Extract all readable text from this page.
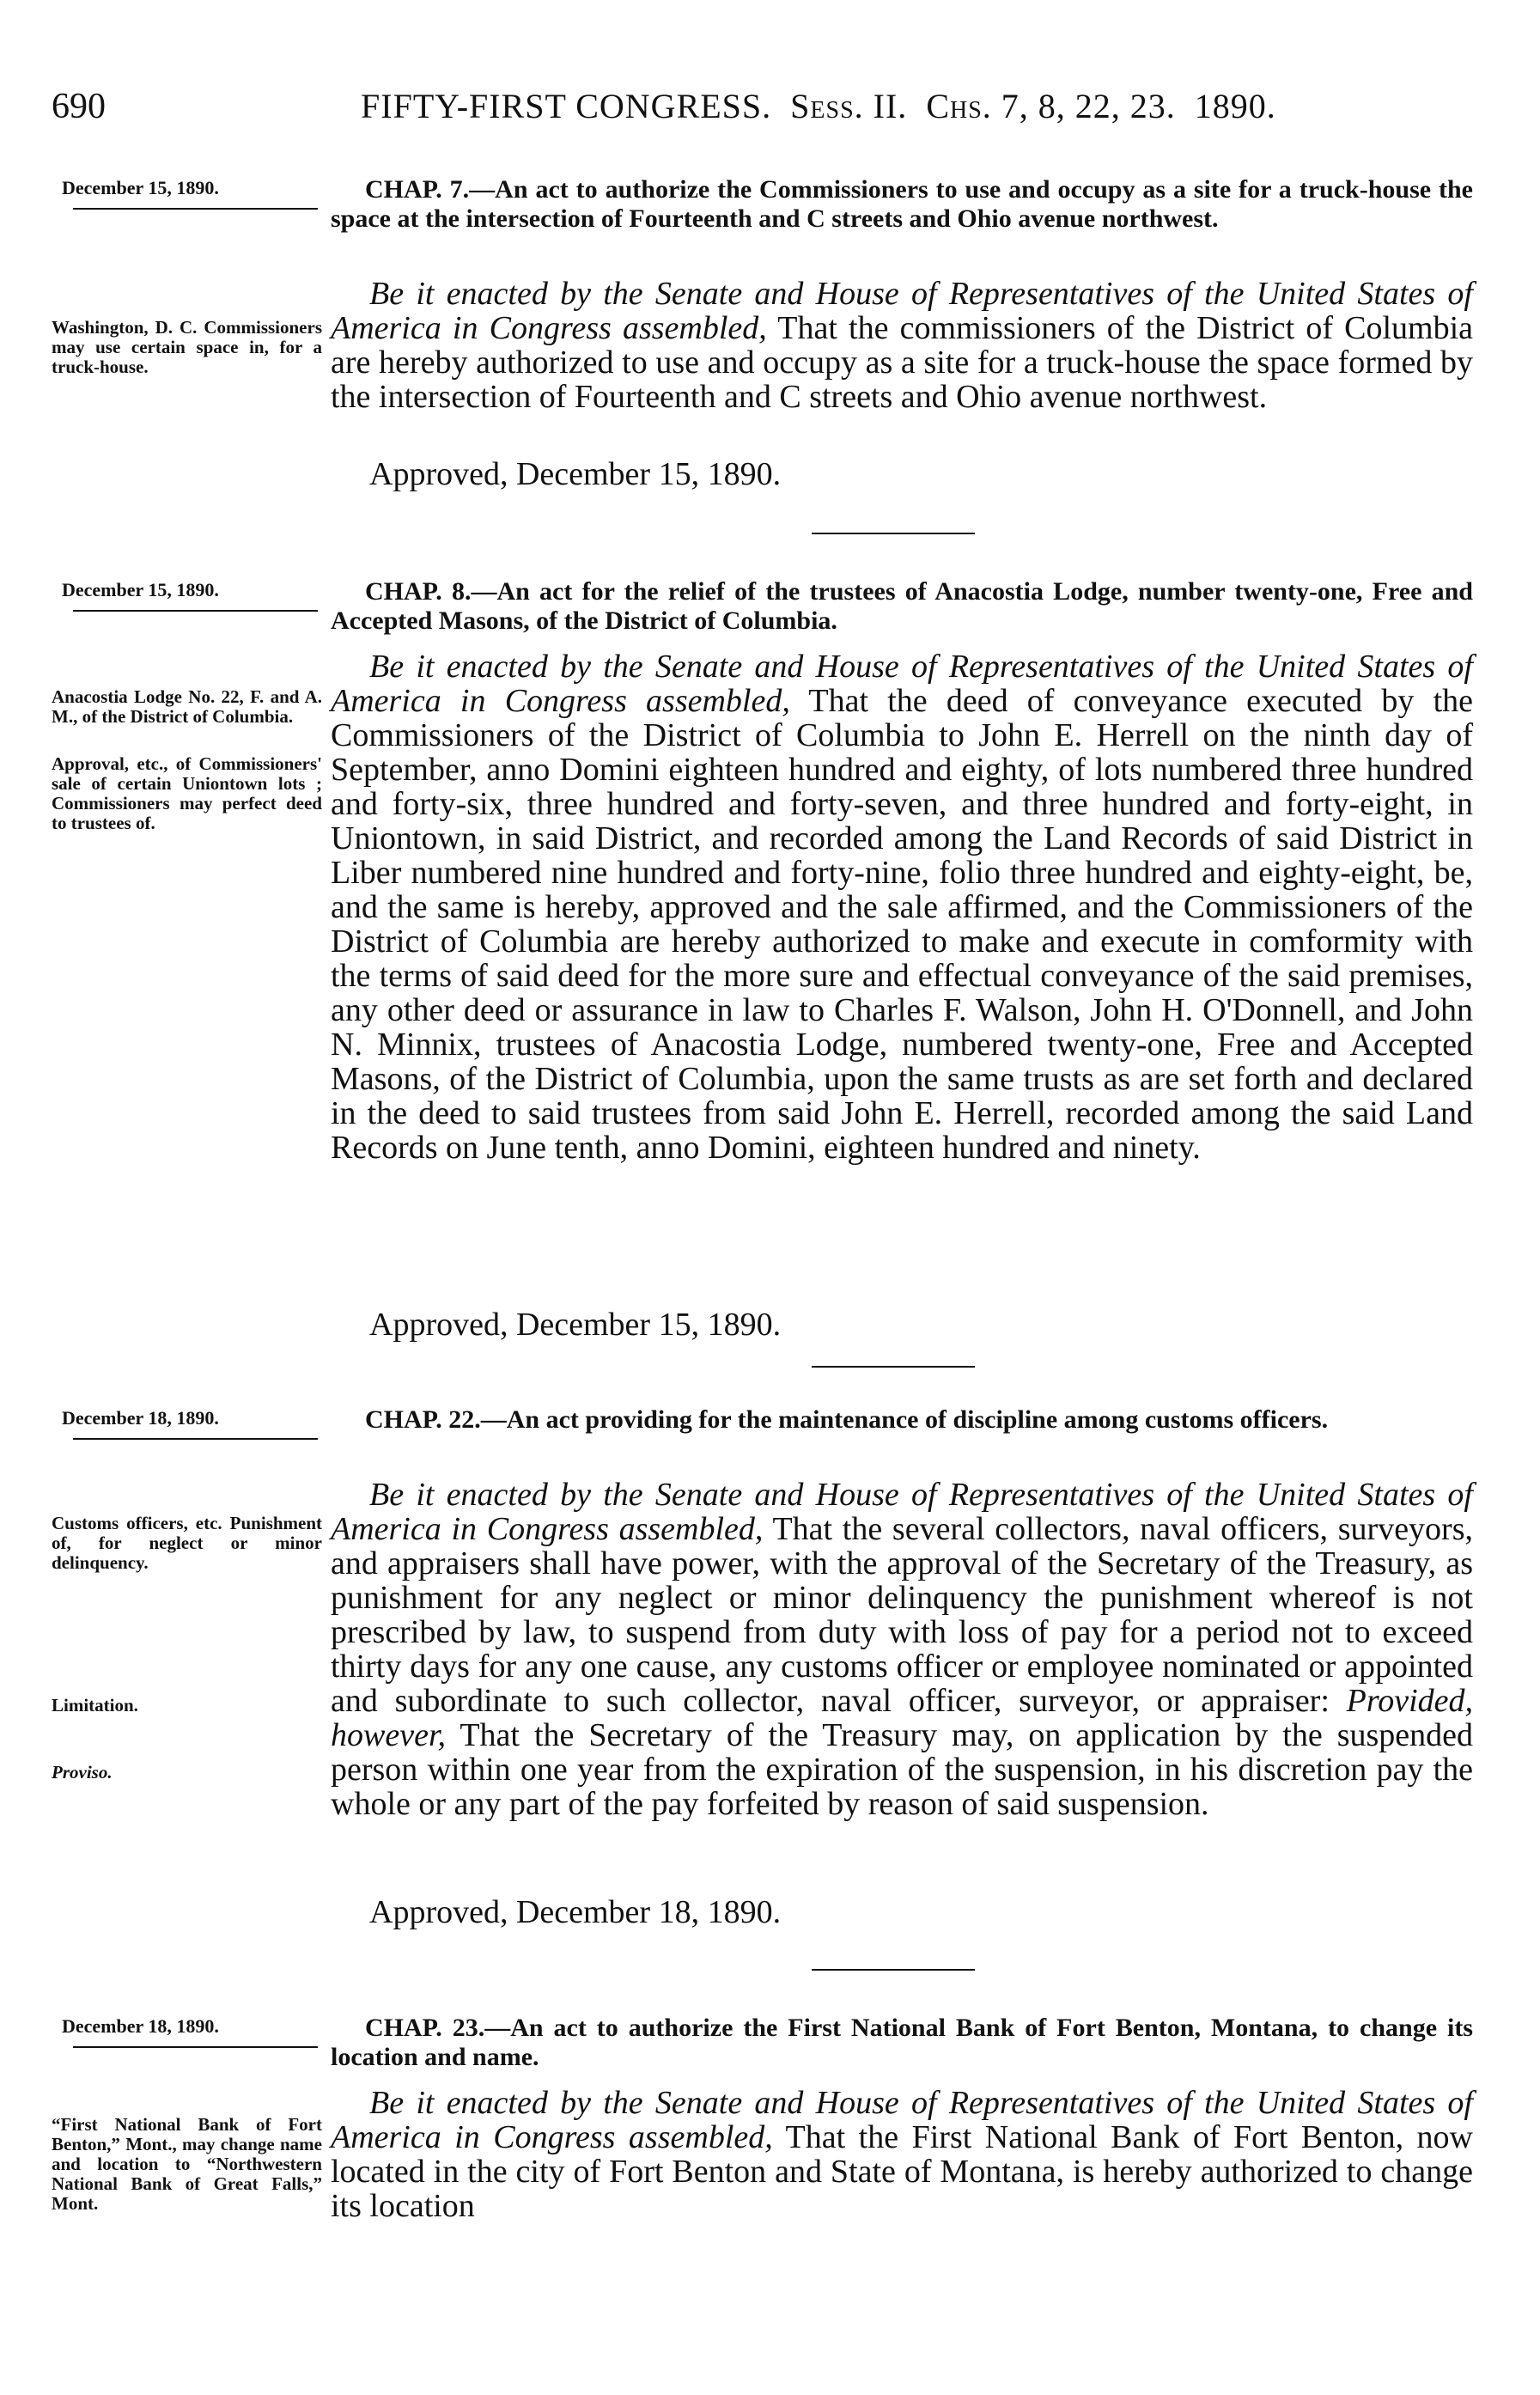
690	FIFTY-FIRST CONGRESS. Sess. II. Chs. 7, 8, 22, 23. 1890.
December 15, 1890.	CHAP. 7.—An act to authorize the Commissioners to use and occupy as a site for a truck-house the space at the intersection of Fourteenth and C streets and Ohio avenue northwest.
Be it enacted by the Senate and House of Representatives of the United States of America in Congress assembled, That the commissioners of the District of Columbia are hereby authorized to use and occupy as a site for a truck-house the space formed by the intersection of Fourteenth and C streets and Ohio avenue northwest.
Approved, December 15, 1890.
Washington, D. C. Commissioners may use certain space in, for a truck-house.
December 15, 1890.	CHAP. 8.—An act for the relief of the trustees of Anacostia Lodge, number twenty-one, Free and Accepted Masons, of the District of Columbia.
Be it enacted by the Senate and House of Representatives of the United States of America in Congress assembled, That the deed of conveyance executed by the Commissioners of the District of Columbia to John E. Herrell on the ninth day of September, anno Domini eighteen hundred and eighty, of lots numbered three hundred and forty-six, three hundred and forty-seven, and three hundred and forty-eight, in Uniontown, in said District, and recorded among the Land Records of said District in Liber numbered nine hundred and forty-nine, folio three hundred and eighty-eight, be, and the same is hereby, approved and the sale affirmed, and the Commissioners of the District of Columbia are hereby authorized to make and execute in comformity with the terms of said deed for the more sure and effectual conveyance of the said premises, any other deed or assurance in law to Charles F. Walson, John H. O'Donnell, and John N. Minnix, trustees of Anacostia Lodge, numbered twenty-one, Free and Accepted Masons, of the District of Columbia, upon the same trusts as are set forth and declared in the deed to said trustees from said John E. Herrell, recorded among the said Land Records on June tenth, anno Domini, eighteen hundred and ninety.
Approved, December 15, 1890.
Anacostia Lodge No. 22, F. and A. M., of the District of Columbia.
Approval, etc., of Commissioners' sale of certain Uniontown lots ; Commissioners may perfect deed to trustees of.
December 18, 1890.	CHAP. 22.—An act providing for the maintenance of discipline among customs officers.
Be it enacted by the Senate and House of Representatives of the United States of America in Congress assembled, That the several collectors, naval officers, surveyors, and appraisers shall have power, with the approval of the Secretary of the Treasury, as punishment for any neglect or minor delinquency the punishment whereof is not prescribed by law, to suspend from duty with loss of pay for a period not to exceed thirty days for any one cause, any customs officer or employee nominated or appointed and subordinate to such collector, naval officer, surveyor, or appraiser: Provided, however, That the Secretary of the Treasury may, on application by the suspended person within one year from the expiration of the suspension, in his discretion pay the whole or any part of the pay forfeited by reason of said suspension.
Approved, December 18, 1890.
Customs officers, etc. Punishment of, for neglect or minor delinquency.
Limitation.
Proviso.
December 18, 1890.	CHAP. 23.—An act to authorize the First National Bank of Fort Benton, Montana, to change its location and name.
Be it enacted by the Senate and House of Representatives of the United States of America in Congress assembled, That the First National Bank of Fort Benton, now located in the city of Fort Benton and State of Montana, is hereby authorized to change its location
“First National Bank of Fort Benton,” Mont., may change name and location to “Northwestern National Bank of Great Falls,” Mont.
